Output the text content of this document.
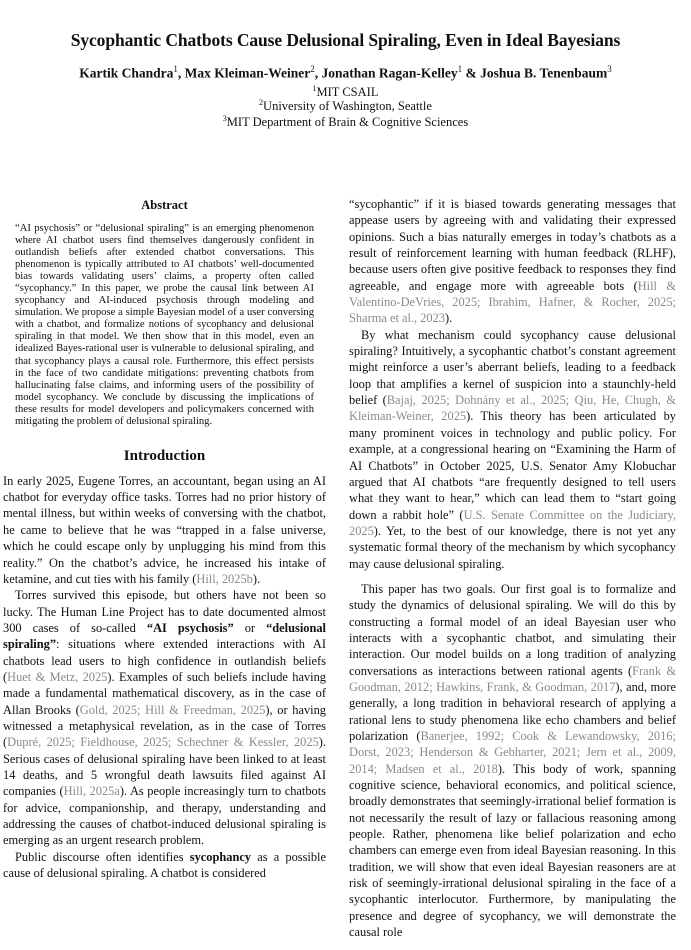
Sycophantic Chatbots Cause Delusional Spiraling, Even in Ideal Bayesians
Kartik Chandra$^1$, Max Kleiman-Weiner$^2$, Jonathan Ragan-Kelley$^1$ & Joshua B. Tenenbaum$^3$
$^1$MIT CSAIL
$^2$University of Washington, Seattle
$^3$MIT Department of Brain & Cognitive Sciences
Abstract
“AI psychosis” or “delusional spiraling” is an emerging phenomenon where AI chatbot users find themselves dangerously confident in outlandish beliefs after extended chatbot conversations. This phenomenon is typically attributed to AI chatbots’ well-documented bias towards validating users’ claims, a property often called “sycophancy.” In this paper, we probe the causal link between AI sycophancy and AI-induced psychosis through modeling and simulation. We propose a simple Bayesian model of a user conversing with a chatbot, and formalize notions of sycophancy and delusional spiraling in that model. We then show that in this model, even an idealized Bayes-rational user is vulnerable to delusional spiraling, and that sycophancy plays a causal role. Furthermore, this effect persists in the face of two candidate mitigations: preventing chatbots from hallucinating false claims, and informing users of the possibility of model sycophancy. We conclude by discussing the implications of these results for model developers and policymakers concerned with mitigating the problem of delusional spiraling.
Introduction

In early 2025, Eugene Torres, an accountant, began using an AI chatbot for everyday office tasks. Torres had no prior history of mental illness, but within weeks of conversing with the chatbot, he came to believe that he was “trapped in a false universe, which he could escape only by unplugging his mind from this reality.” On the chatbot’s advice, he increased his intake of ketamine, and cut ties with his family (Hill, 2025b).

Torres survived this episode, but others have not been so lucky. The Human Line Project has to date documented almost 300 cases of so-called “AI psychosis” or “delusional spiraling”: situations where extended interactions with AI chatbots lead users to high confidence in outlandish beliefs (Huet & Metz, 2025). Examples of such beliefs include having made a fundamental mathematical discovery, as in the case of Allan Brooks (Gold, 2025; Hill & Freedman, 2025), or having witnessed a metaphysical revelation, as in the case of Torres (Dupré, 2025; Fieldhouse, 2025; Schechner & Kessler, 2025). Serious cases of delusional spiraling have been linked to at least 14 deaths, and 5 wrongful death lawsuits filed against AI companies (Hill, 2025a). As people increasingly turn to chatbots for advice, companionship, and therapy, understanding and addressing the causes of chatbot-induced delusional spiraling is emerging as an urgent research problem.

Public discourse often identifies sycophancy as a possible cause of delusional spiraling. A chatbot is considered

“sycophantic” if it is biased towards generating messages that appease users by agreeing with and validating their expressed opinions. Such a bias naturally emerges in today’s chatbots as a result of reinforcement learning with human feedback (RLHF), because users often give positive feedback to responses they find agreeable, and engage more with agreeable bots (Hill & Valentino-DeVries, 2025; Ibrahim, Hafner, & Rocher, 2025; Sharma et al., 2023).

By what mechanism could sycophancy cause delusional spiraling? Intuitively, a sycophantic chatbot’s constant agreement might reinforce a user’s aberrant beliefs, leading to a feedback loop that amplifies a kernel of suspicion into a staunchly-held belief (Bajaj, 2025; Dohnány et al., 2025; Qiu, He, Chugh, & Kleiman-Weiner, 2025). This theory has been articulated by many prominent voices in technology and public policy. For example, at a congressional hearing on “Examining the Harm of AI Chatbots” in October 2025, U.S. Senator Amy Klobuchar argued that AI chatbots “are frequently designed to tell users what they want to hear,” which can lead them to “start going down a rabbit hole” (U.S. Senate Committee on the Judiciary, 2025). Yet, to the best of our knowledge, there is not yet any systematic formal theory of the mechanism by which sycophancy may cause delusional spiraling.

This paper has two goals. Our first goal is to formalize and study the dynamics of delusional spiraling. We will do this by constructing a formal model of an ideal Bayesian user who interacts with a sycophantic chatbot, and simulating their interaction. Our model builds on a long tradition of analyzing conversations as interactions between rational agents (Frank & Goodman, 2012; Hawkins, Frank, & Goodman, 2017), and, more generally, a long tradition in behavioral research of applying a rational lens to study phenomena like echo chambers and belief polarization (Banerjee, 1992; Cook & Lewandowsky, 2016; Dorst, 2023; Henderson & Gebharter, 2021; Jern et al., 2009, 2014; Madsen et al., 2018). This body of work, spanning cognitive science, behavioral economics, and political science, broadly demonstrates that seemingly-irrational belief formation is not necessarily the result of lazy or fallacious reasoning among people. Rather, phenomena like belief polarization and echo chambers can emerge even from ideal Bayesian reasoning. In this tradition, we will show that even ideal Bayesian reasoners are at risk of seemingly-irrational delusional spiraling in the face of a sycophantic interlocutor. Furthermore, by manipulating the presence and degree of sycophancy, we will demonstrate the causal role
